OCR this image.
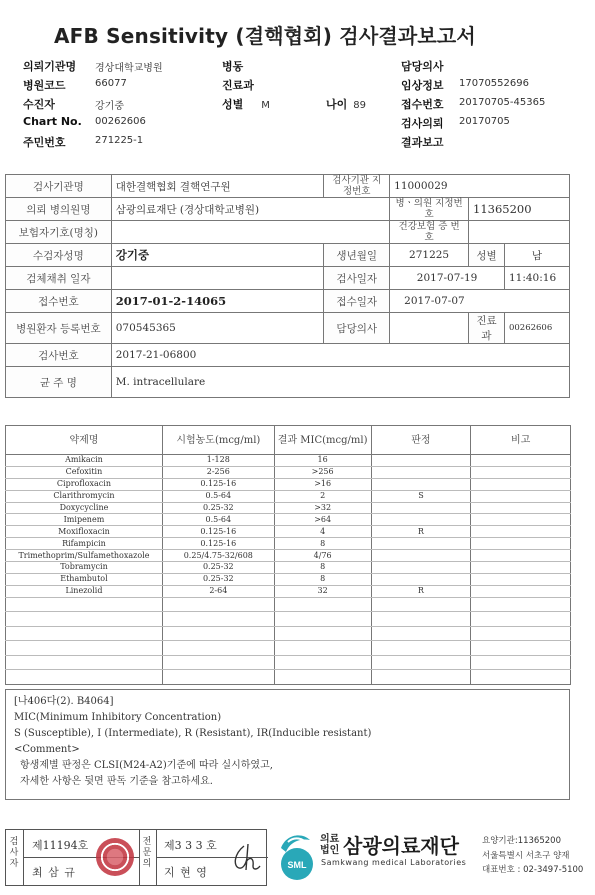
AFB Sensitivity (결핵협회) 검사결과보고서
의뢰기관명 경상대학교병원
병원코드	66077
수진자	강기중
Chart No. 00262606
주민번호	271225-1
병동
진료과
성별 M	나이 89
담당의사
임상정보 17070552696
접수번호 20170705-45365
검사의뢰 20170705
결과보고
검사기관명	대한결핵협회 결핵연구원	검사기관 지정번호	11000029		
의뢰 병의원명	삼광의료재단 (경상대학교병원)		병ㆍ의원 지정번호	11365200	
보험자기호(명칭)			건강보험 증 번 호		
수검자성명	강기중	생년월일	271225	성별	남
검체채취 일자		검사일자	2017-07-19		11:40:16
접수번호	2017-01-2-14065	접수일자	2017-07-07		
병원환자 등록번호	070545365	담당의사		진료과	00262606
검사번호	2017-21-06800				
균 주 명	M. intracellulare				
약제명	시험농도(mcg/ml)	결과 MIC(mcg/ml)	판정	비고
Amikacin	1-128	16		
Cefoxitin	2-256	>256		
Ciprofloxacin	0.125-16	>16		
Clarithromycin	0.5-64	2	S	
Doxycycline	0.25-32	>32		
Imipenem	0.5-64	>64		
Moxifloxacin	0.125-16	4	R	
Rifampicin	0.125-16	8		
Trimethoprim/Sulfamethoxazole	0.25/4.75-32/608	4/76		
Tobramycin	0.25-32	8		
Ethambutol	0.25-32	8		
Linezolid	2-64	32	R	

[나406다(2). B4064]
MIC(Minimum Inhibitory Concentration)
S (Susceptible), I (Intermediate), R (Resistant), IR(Inducible resistant)
<Comment>
항생제별 판정은 CLSI(M24-A2)기준에 따라 실시하였고,
자세한 사항은 뒷면 판독 기준을 참고하세요.
검사자
제11194호
최 삼 규
전문의
제3 3 3 호
지 현 영
SML
의료
법인 삼광의료재단
Samkwang medical Laboratories
요양기관:11365200
서울특별시 서초구 양재
대표번호 : 02-3497-5100
